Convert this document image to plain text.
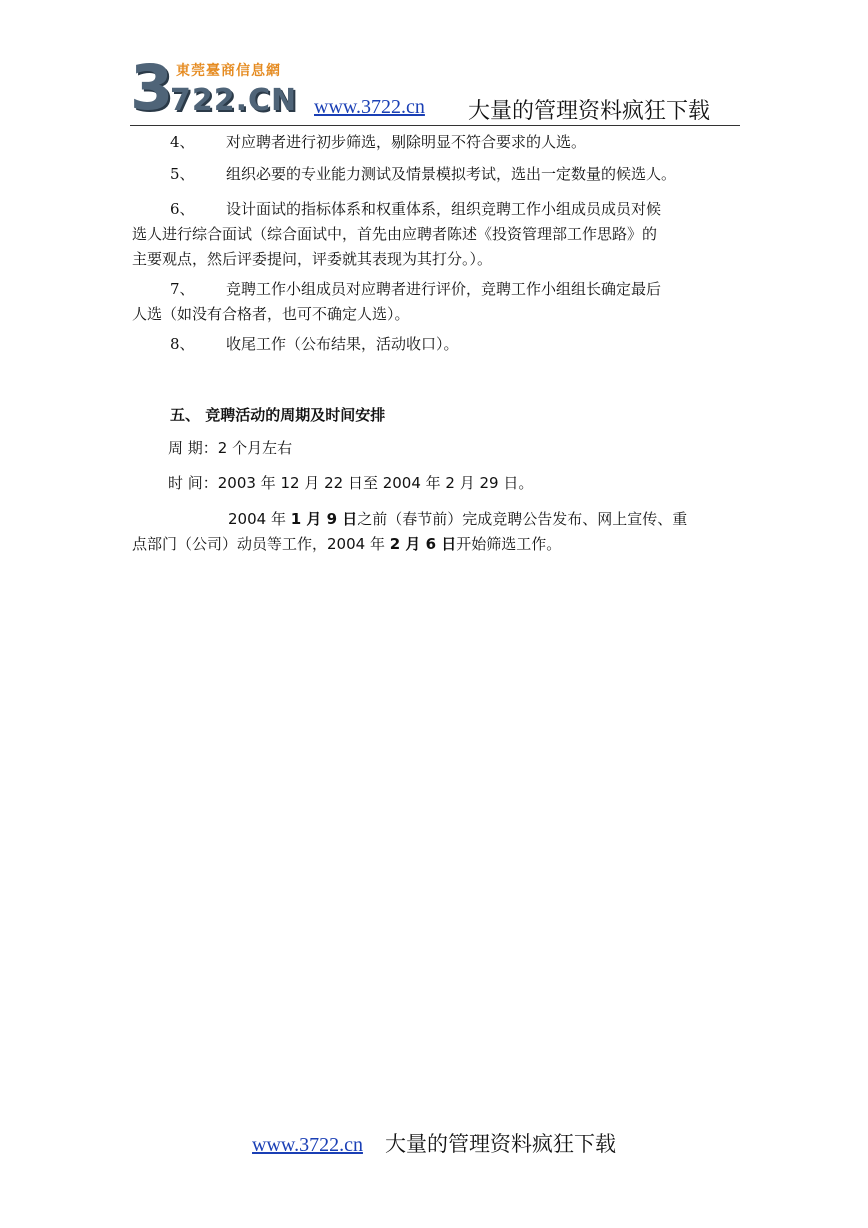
3
722.CN
東莞臺商信息網
www.3722.cn 大量的管理资料疯狂下载

4、 对应聘者进行初步筛选，剔除明显不符合要求的人选。

5、 组织必要的专业能力测试及情景模拟考试，选出一定数量的候选人。

6、 设计面试的指标体系和权重体系，组织竞聘工作小组成员成员对候
选人进行综合面试（综合面试中，首先由应聘者陈述《投资管理部工作思路》的
主要观点，然后评委提问，评委就其表现为其打分。）。

7、 竞聘工作小组成员对应聘者进行评价，竞聘工作小组组长确定最后
人选（如没有合格者，也可不确定人选）。

8、 收尾工作（公布结果，活动收口）。

五、 竞聘活动的周期及时间安排

周 期：2 个月左右

时 间：2003 年 12 月 22 日至 2004 年 2 月 29 日。

2004 年 1 月 9 日之前（春节前）完成竞聘公告发布、网上宣传、重
点部门（公司）动员等工作，2004 年 2 月 6 日开始筛选工作。

www.3722.cn 大量的管理资料疯狂下载
